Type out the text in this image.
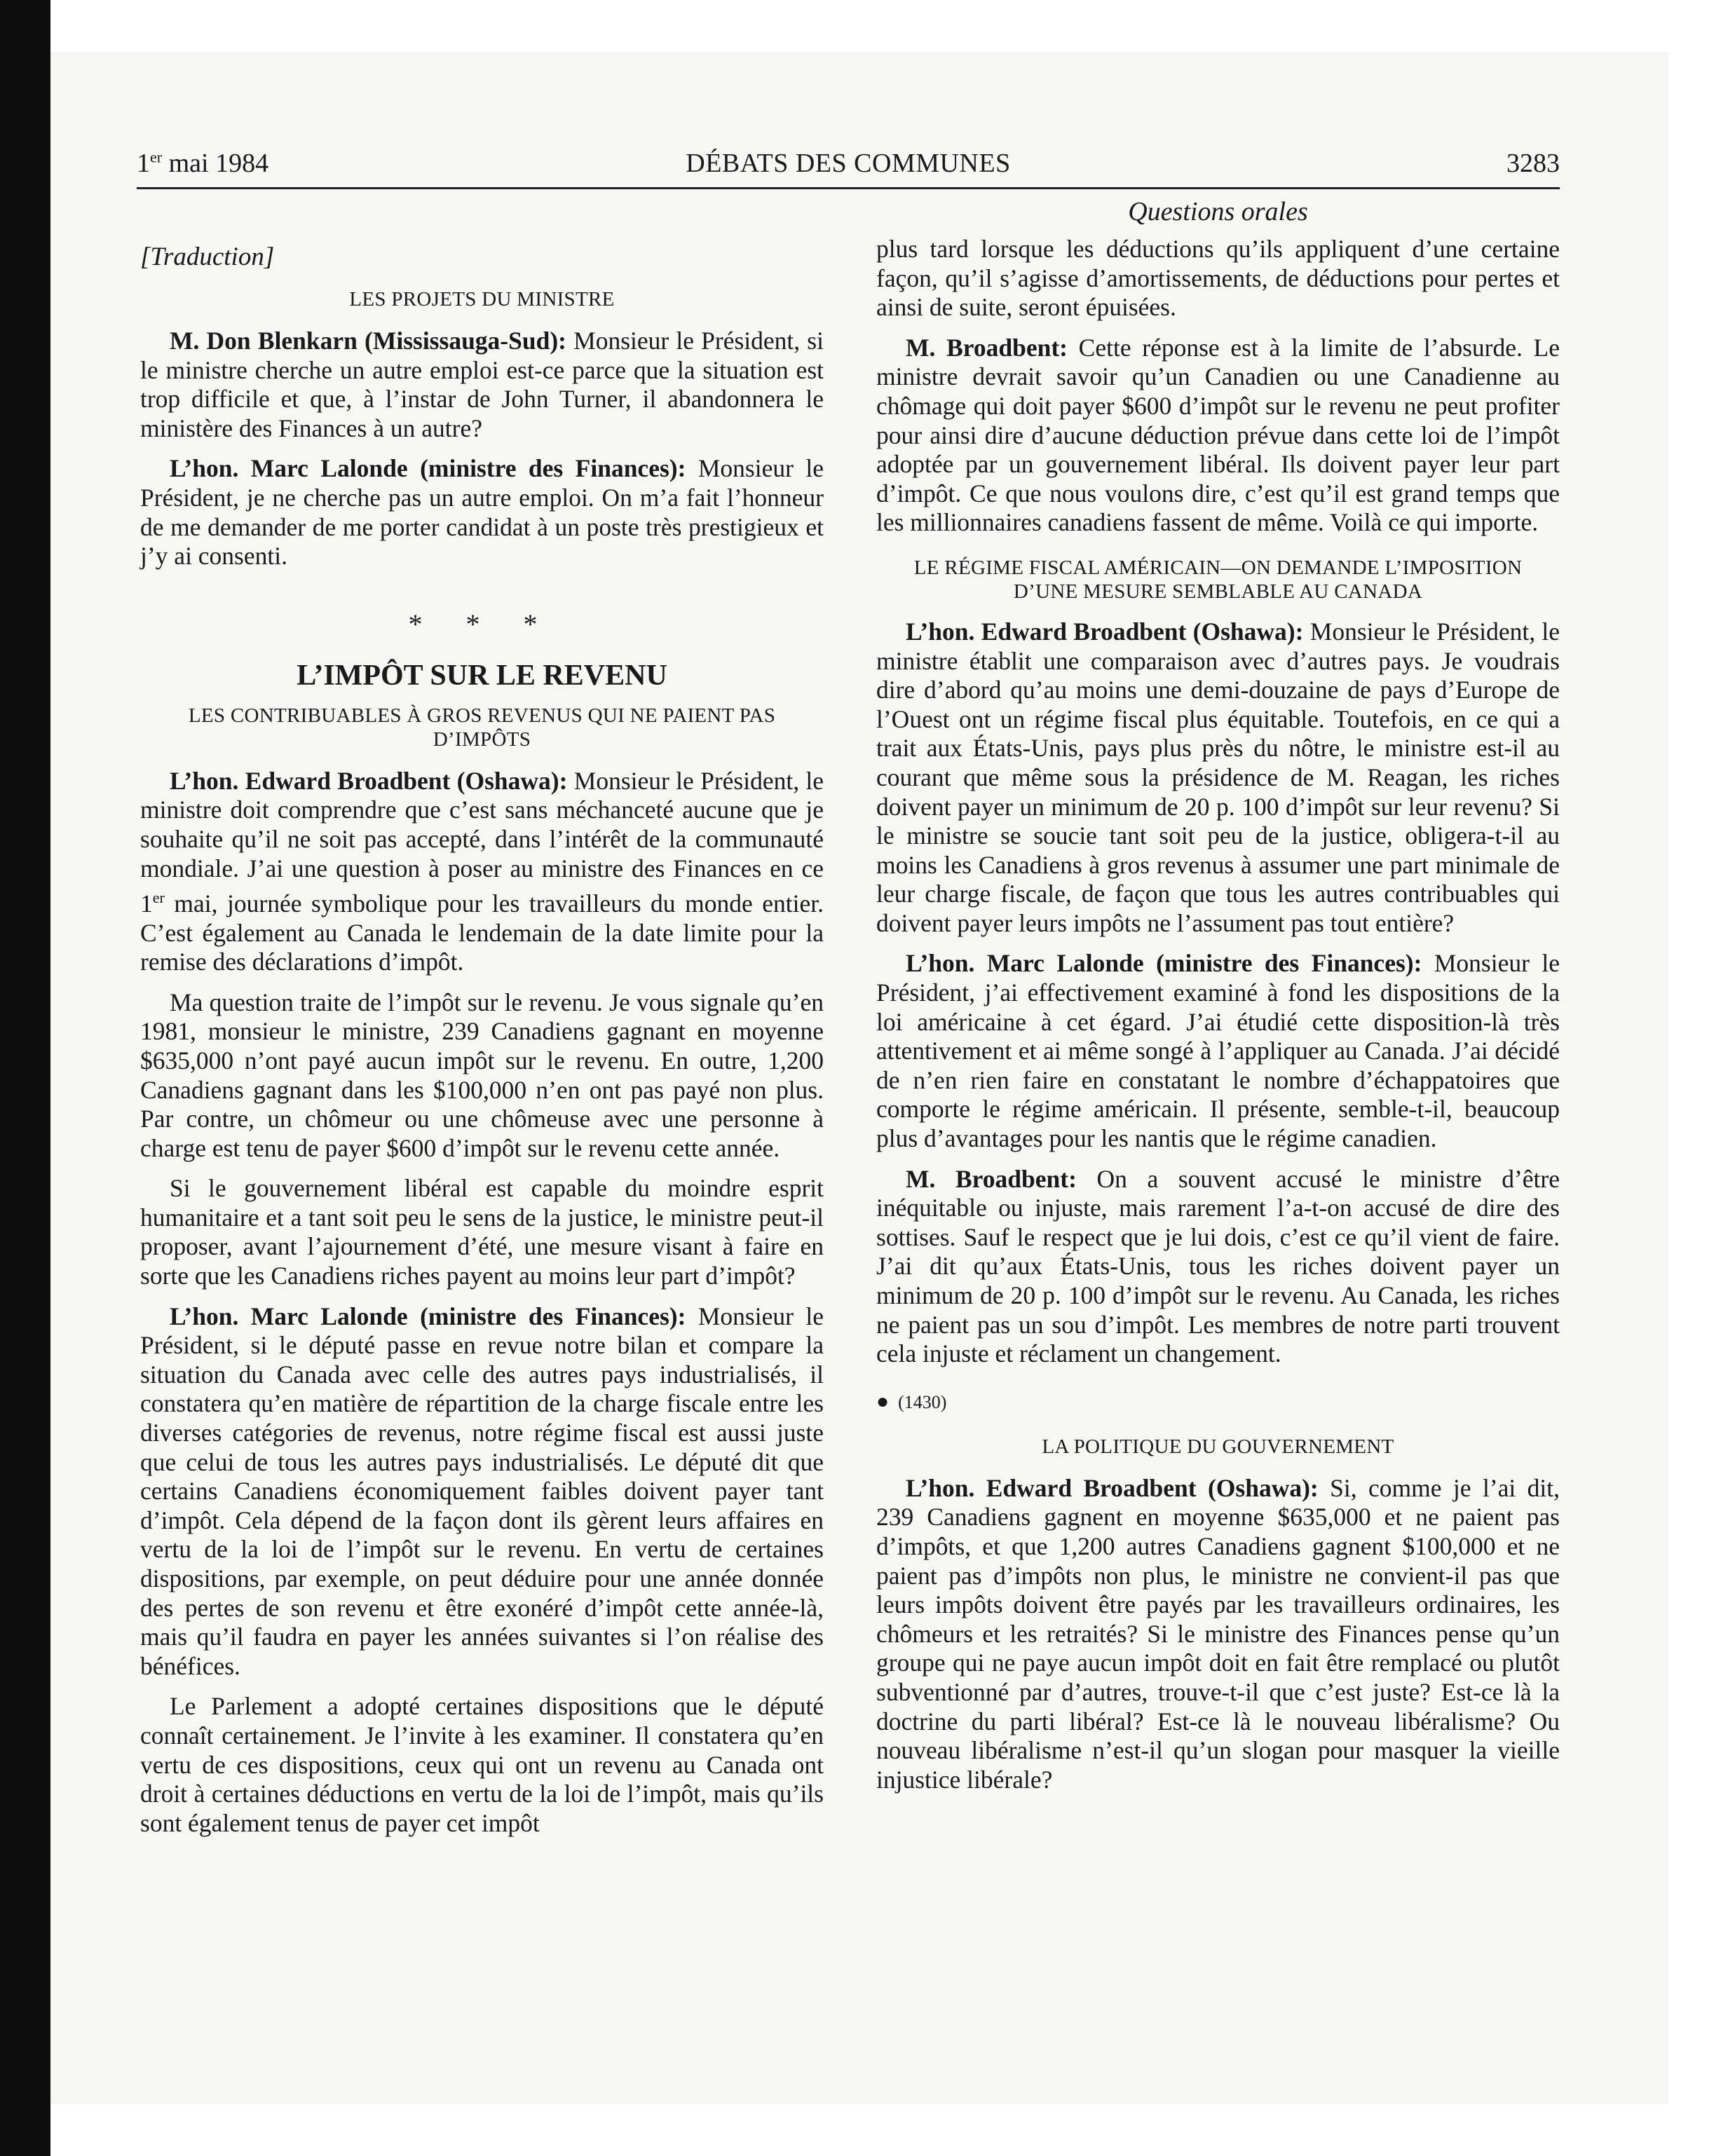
1er mai 1984	DÉBATS DES COMMUNES	3283
Questions orales

[Traduction]

LES PROJETS DU MINISTRE

M. Don Blenkarn (Mississauga-Sud): Monsieur le Président, si le ministre cherche un autre emploi est-ce parce que la situation est trop difficile et que, à l’instar de John Turner, il abandonnera le ministère des Finances à un autre?

L’hon. Marc Lalonde (ministre des Finances): Monsieur le Président, je ne cherche pas un autre emploi. On m’a fait l’honneur de me demander de me porter candidat à un poste très prestigieux et j’y ai consenti.

* * *

L’IMPÔT SUR LE REVENU

LES CONTRIBUABLES À GROS REVENUS QUI NE PAIENT PAS D’IMPÔTS

L’hon. Edward Broadbent (Oshawa): Monsieur le Président, le ministre doit comprendre que c’est sans méchanceté aucune que je souhaite qu’il ne soit pas accepté, dans l’intérêt de la communauté mondiale. J’ai une question à poser au ministre des Finances en ce 1er mai, journée symbolique pour les travailleurs du monde entier. C’est également au Canada le lendemain de la date limite pour la remise des déclarations d’impôt.

Ma question traite de l’impôt sur le revenu. Je vous signale qu’en 1981, monsieur le ministre, 239 Canadiens gagnant en moyenne $635,000 n’ont payé aucun impôt sur le revenu. En outre, 1,200 Canadiens gagnant dans les $100,000 n’en ont pas payé non plus. Par contre, un chômeur ou une chômeuse avec une personne à charge est tenu de payer $600 d’impôt sur le revenu cette année.

Si le gouvernement libéral est capable du moindre esprit humanitaire et a tant soit peu le sens de la justice, le ministre peut-il proposer, avant l’ajournement d’été, une mesure visant à faire en sorte que les Canadiens riches payent au moins leur part d’impôt?

L’hon. Marc Lalonde (ministre des Finances): Monsieur le Président, si le député passe en revue notre bilan et compare la situation du Canada avec celle des autres pays industrialisés, il constatera qu’en matière de répartition de la charge fiscale entre les diverses catégories de revenus, notre régime fiscal est aussi juste que celui de tous les autres pays industrialisés. Le député dit que certains Canadiens économiquement faibles doivent payer tant d’impôt. Cela dépend de la façon dont ils gèrent leurs affaires en vertu de la loi de l’impôt sur le revenu. En vertu de certaines dispositions, par exemple, on peut déduire pour une année donnée des pertes de son revenu et être exonéré d’impôt cette année-là, mais qu’il faudra en payer les années suivantes si l’on réalise des bénéfices.

Le Parlement a adopté certaines dispositions que le député connaît certainement. Je l’invite à les examiner. Il constatera qu’en vertu de ces dispositions, ceux qui ont un revenu au Canada ont droit à certaines déductions en vertu de la loi de l’impôt, mais qu’ils sont également tenus de payer cet impôt

plus tard lorsque les déductions qu’ils appliquent d’une certaine façon, qu’il s’agisse d’amortissements, de déductions pour pertes et ainsi de suite, seront épuisées.

M. Broadbent: Cette réponse est à la limite de l’absurde. Le ministre devrait savoir qu’un Canadien ou une Canadienne au chômage qui doit payer $600 d’impôt sur le revenu ne peut profiter pour ainsi dire d’aucune déduction prévue dans cette loi de l’impôt adoptée par un gouvernement libéral. Ils doivent payer leur part d’impôt. Ce que nous voulons dire, c’est qu’il est grand temps que les millionnaires canadiens fassent de même. Voilà ce qui importe.

LE RÉGIME FISCAL AMÉRICAIN—ON DEMANDE L’IMPOSITION D’UNE MESURE SEMBLABLE AU CANADA

L’hon. Edward Broadbent (Oshawa): Monsieur le Président, le ministre établit une comparaison avec d’autres pays. Je voudrais dire d’abord qu’au moins une demi-douzaine de pays d’Europe de l’Ouest ont un régime fiscal plus équitable. Toutefois, en ce qui a trait aux États-Unis, pays plus près du nôtre, le ministre est-il au courant que même sous la présidence de M. Reagan, les riches doivent payer un minimum de 20 p. 100 d’impôt sur leur revenu? Si le ministre se soucie tant soit peu de la justice, obligera-t-il au moins les Canadiens à gros revenus à assumer une part minimale de leur charge fiscale, de façon que tous les autres contribuables qui doivent payer leurs impôts ne l’assument pas tout entière?

L’hon. Marc Lalonde (ministre des Finances): Monsieur le Président, j’ai effectivement examiné à fond les dispositions de la loi américaine à cet égard. J’ai étudié cette disposition-là très attentivement et ai même songé à l’appliquer au Canada. J’ai décidé de n’en rien faire en constatant le nombre d’échappatoires que comporte le régime américain. Il présente, semble-t-il, beaucoup plus d’avantages pour les nantis que le régime canadien.

M. Broadbent: On a souvent accusé le ministre d’être inéquitable ou injuste, mais rarement l’a-t-on accusé de dire des sottises. Sauf le respect que je lui dois, c’est ce qu’il vient de faire. J’ai dit qu’aux États-Unis, tous les riches doivent payer un minimum de 20 p. 100 d’impôt sur le revenu. Au Canada, les riches ne paient pas un sou d’impôt. Les membres de notre parti trouvent cela injuste et réclament un changement.

● (1430)

LA POLITIQUE DU GOUVERNEMENT

L’hon. Edward Broadbent (Oshawa): Si, comme je l’ai dit, 239 Canadiens gagnent en moyenne $635,000 et ne paient pas d’impôts, et que 1,200 autres Canadiens gagnent $100,000 et ne paient pas d’impôts non plus, le ministre ne convient-il pas que leurs impôts doivent être payés par les travailleurs ordinaires, les chômeurs et les retraités? Si le ministre des Finances pense qu’un groupe qui ne paye aucun impôt doit en fait être remplacé ou plutôt subventionné par d’autres, trouve-t-il que c’est juste? Est-ce là la doctrine du parti libéral? Est-ce là le nouveau libéralisme? Ou nouveau libéralisme n’est-il qu’un slogan pour masquer la vieille injustice libérale?
